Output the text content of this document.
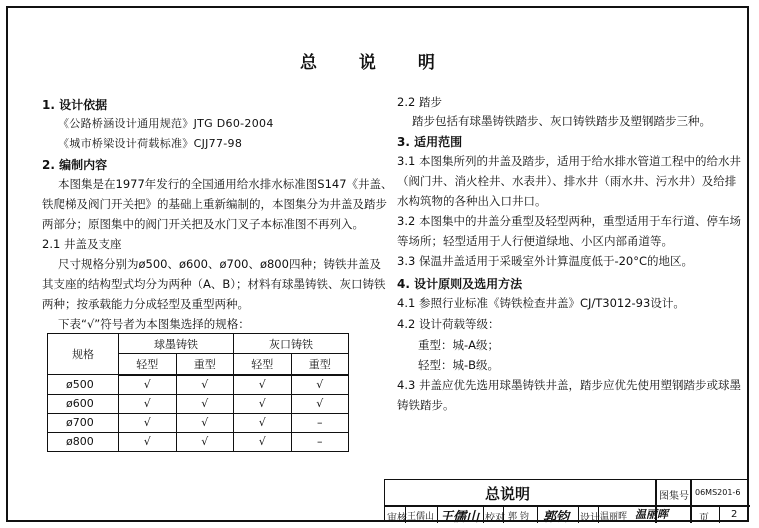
总 说 明
1. 设计依据
《公路桥涵设计通用规范》JTG D60-2004
《城市桥梁设计荷载标准》CJJ77-98
2. 编制内容
本图集是在1977年发行的全国通用给水排水标准图S147《井盖、
铁爬梯及阀门开关把》的基础上重新编制的，本图集分为井盖及踏步
两部分；原图集中的阀门开关把及水门叉子本标准图不再列入。
2.1 井盖及支座
尺寸规格分别为ø500、ø600、ø700、ø800四种；铸铁井盖及
其支座的结构型式均分为两种（A、B）；材料有球墨铸铁、灰口铸铁
两种；按承载能力分成轻型及重型两种。
下表“√”符号者为本图集选择的规格：
规格	球墨铸铁		灰口铸铁	
	轻型	重型	轻型	重型
ø500	√	√	√	√
ø600	√	√	√	√
ø700	√	√	√	–
ø800	√	√	√	–
2.2 踏步
踏步包括有球墨铸铁踏步、灰口铸铁踏步及塑钢踏步三种。
3. 适用范围
3.1 本图集所列的井盖及踏步，适用于给水排水管道工程中的给水井
（阀门井、消火栓井、水表井）、排水井（雨水井、污水井）及给排
水构筑物的各种出入口井口。
3.2 本图集中的井盖分重型及轻型两种，重型适用于车行道、停车场
等场所；轻型适用于人行便道绿地、小区内部甬道等。
3.3 保温井盖适用于采暖室外计算温度低于-20°C的地区。
4. 设计原则及选用方法
4.1 参照行业标准《铸铁检查井盖》CJ/T3012-93设计。
4.2 设计荷载等级：
重型：城-A级；
轻型：城-B级。
4.3 井盖应优先选用球墨铸铁井盖，踏步应优先使用塑钢踏步或球墨
铸铁踏步。
总说明	图集号 06MS201-6
审核 王儒山 王儒山 校对 郭 钧 郭钧 设计 温丽晖 温丽晖	页 2
